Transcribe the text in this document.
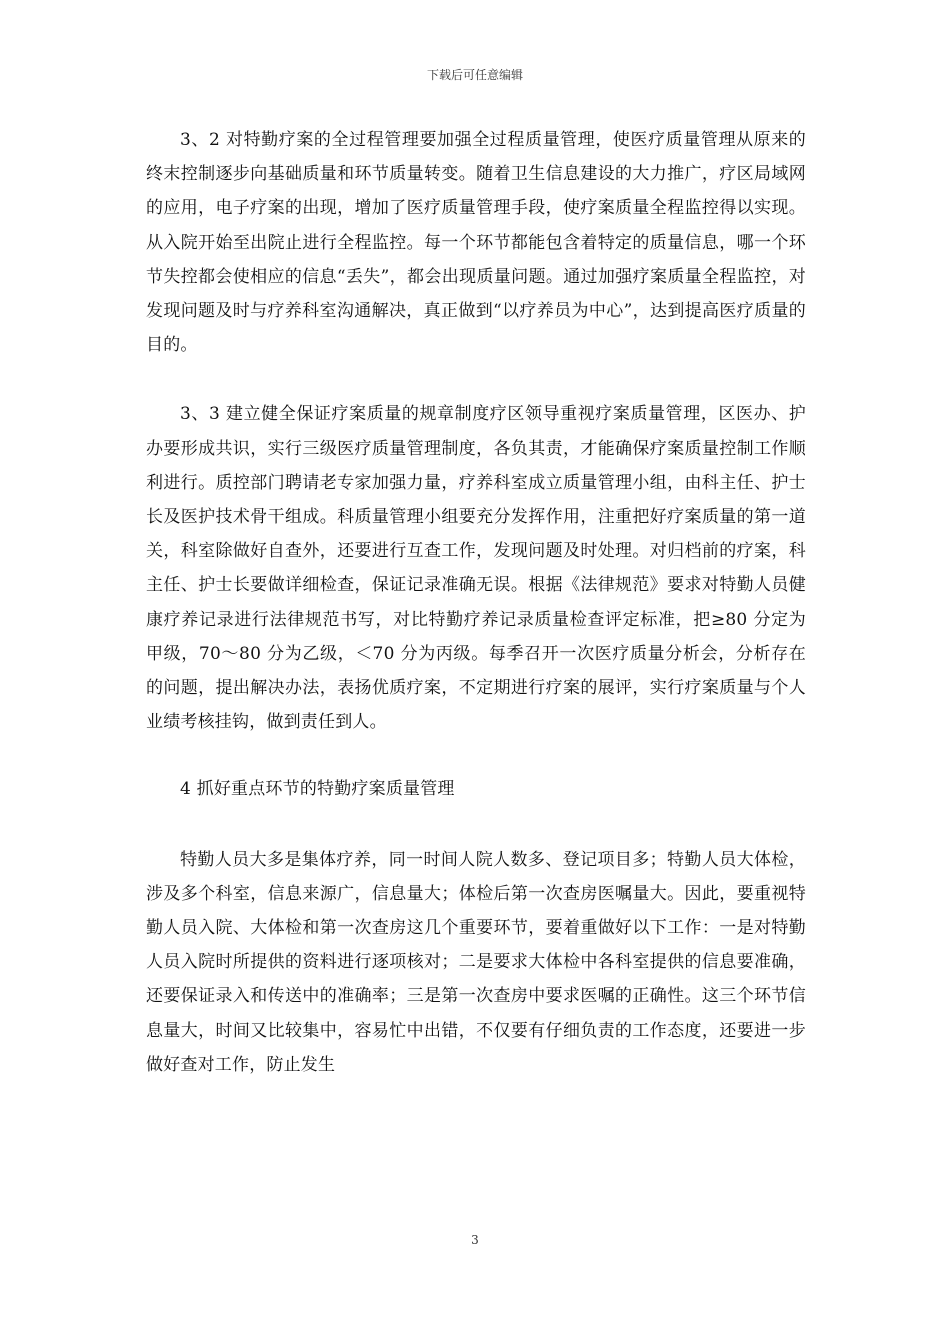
下载后可任意编辑

3、2 对特勤疗案的全过程管理要加强全过程质量管理，使医疗质量管理从原来的终末控制逐步向基础质量和环节质量转变。随着卫生信息建设的大力推广，疗区局域网的应用，电子疗案的出现，增加了医疗质量管理手段，使疗案质量全程监控得以实现。从入院开始至出院止进行全程监控。每一个环节都能包含着特定的质量信息，哪一个环节失控都会使相应的信息“丢失”，都会出现质量问题。通过加强疗案质量全程监控，对发现问题及时与疗养科室沟通解决，真正做到“以疗养员为中心”，达到提高医疗质量的目的。

3、3 建立健全保证疗案质量的规章制度疗区领导重视疗案质量管理，区医办、护办要形成共识，实行三级医疗质量管理制度，各负其责，才能确保疗案质量控制工作顺利进行。质控部门聘请老专家加强力量，疗养科室成立质量管理小组，由科主任、护士长及医护技术骨干组成。科质量管理小组要充分发挥作用，注重把好疗案质量的第一道关，科室除做好自查外，还要进行互查工作，发现问题及时处理。对归档前的疗案，科主任、护士长要做详细检查，保证记录准确无误。根据《法律规范》要求对特勤人员健康疗养记录进行法律规范书写，对比特勤疗养记录质量检查评定标准，把≥80 分定为甲级，70～80 分为乙级，＜70 分为丙级。每季召开一次医疗质量分析会，分析存在的问题，提出解决办法，表扬优质疗案，不定期进行疗案的展评，实行疗案质量与个人业绩考核挂钩，做到责任到人。

4 抓好重点环节的特勤疗案质量管理

特勤人员大多是集体疗养，同一时间人院人数多、登记项目多；特勤人员大体检，涉及多个科室，信息来源广，信息量大；体检后第一次查房医嘱量大。因此，要重视特勤人员入院、大体检和第一次查房这几个重要环节，要着重做好以下工作：一是对特勤人员入院时所提供的资料进行逐项核对；二是要求大体检中各科室提供的信息要准确，还要保证录入和传送中的准确率；三是第一次查房中要求医嘱的正确性。这三个环节信息量大，时间又比较集中，容易忙中出错，不仅要有仔细负责的工作态度，还要进一步做好查对工作，防止发生

3
